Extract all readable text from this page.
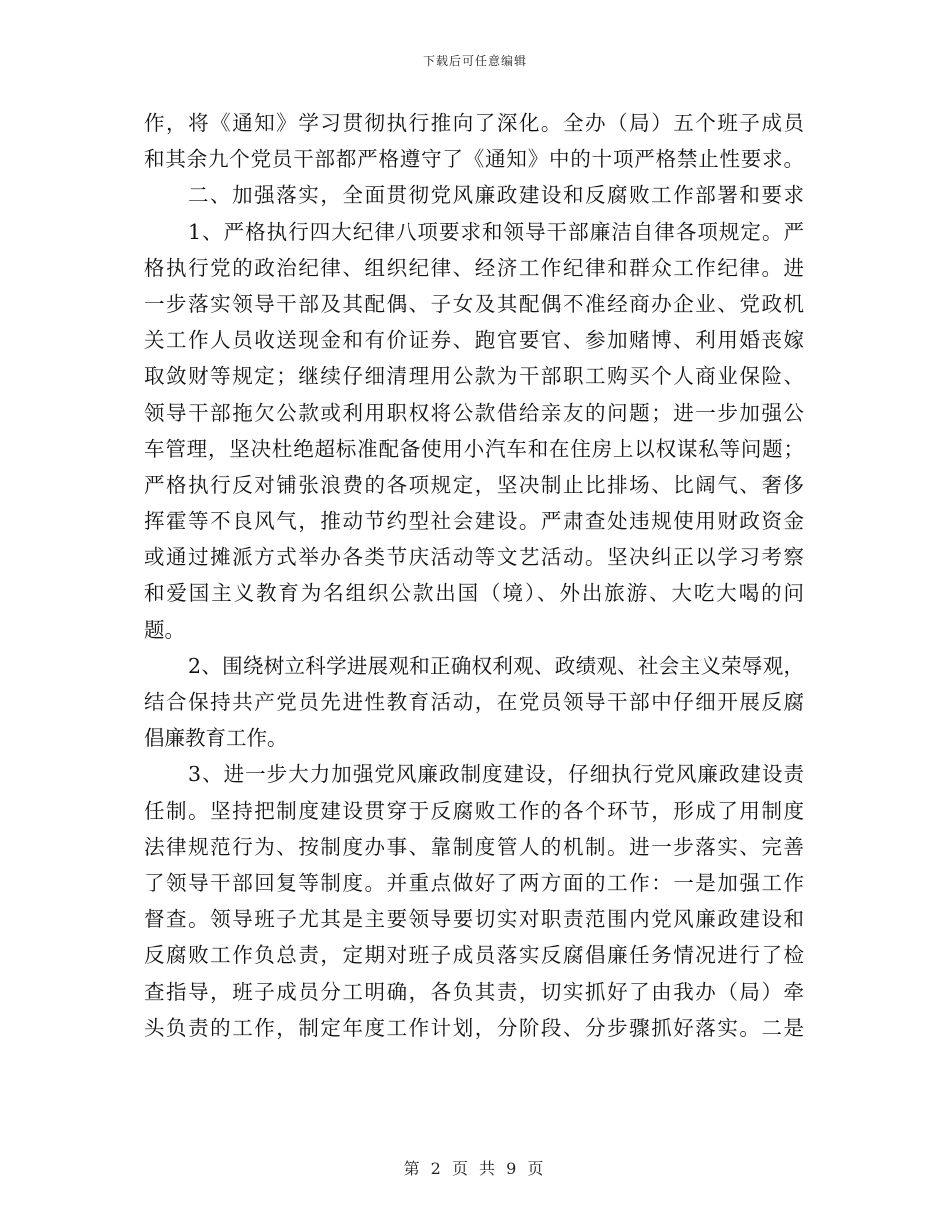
下载后可任意编辑
作，将《通知》学习贯彻执行推向了深化。全办（局）五个班子成员
和其余九个党员干部都严格遵守了《通知》中的十项严格禁止性要求。
二、加强落实，全面贯彻党风廉政建设和反腐败工作部署和要求
1、严格执行四大纪律八项要求和领导干部廉洁自律各项规定。严
格执行党的政治纪律、组织纪律、经济工作纪律和群众工作纪律。进
一步落实领导干部及其配偶、子女及其配偶不准经商办企业、党政机
关工作人员收送现金和有价证券、跑官要官、参加赌博、利用婚丧嫁
取敛财等规定；继续仔细清理用公款为干部职工购买个人商业保险、
领导干部拖欠公款或利用职权将公款借给亲友的问题；进一步加强公
车管理，坚决杜绝超标准配备使用小汽车和在住房上以权谋私等问题；
严格执行反对铺张浪费的各项规定，坚决制止比排场、比阔气、奢侈
挥霍等不良风气，推动节约型社会建设。严肃查处违规使用财政资金
或通过摊派方式举办各类节庆活动等文艺活动。坚决纠正以学习考察
和爱国主义教育为名组织公款出国（境）、外出旅游、大吃大喝的问
题。
2、围绕树立科学进展观和正确权利观、政绩观、社会主义荣辱观，
结合保持共产党员先进性教育活动，在党员领导干部中仔细开展反腐
倡廉教育工作。
3、进一步大力加强党风廉政制度建设，仔细执行党风廉政建设责
任制。坚持把制度建设贯穿于反腐败工作的各个环节，形成了用制度
法律规范行为、按制度办事、靠制度管人的机制。进一步落实、完善
了领导干部回复等制度。并重点做好了两方面的工作：一是加强工作
督查。领导班子尤其是主要领导要切实对职责范围内党风廉政建设和
反腐败工作负总责，定期对班子成员落实反腐倡廉任务情况进行了检
查指导，班子成员分工明确，各负其责，切实抓好了由我办（局）牵
头负责的工作，制定年度工作计划，分阶段、分步骤抓好落实。二是
第 2 页 共 9 页
